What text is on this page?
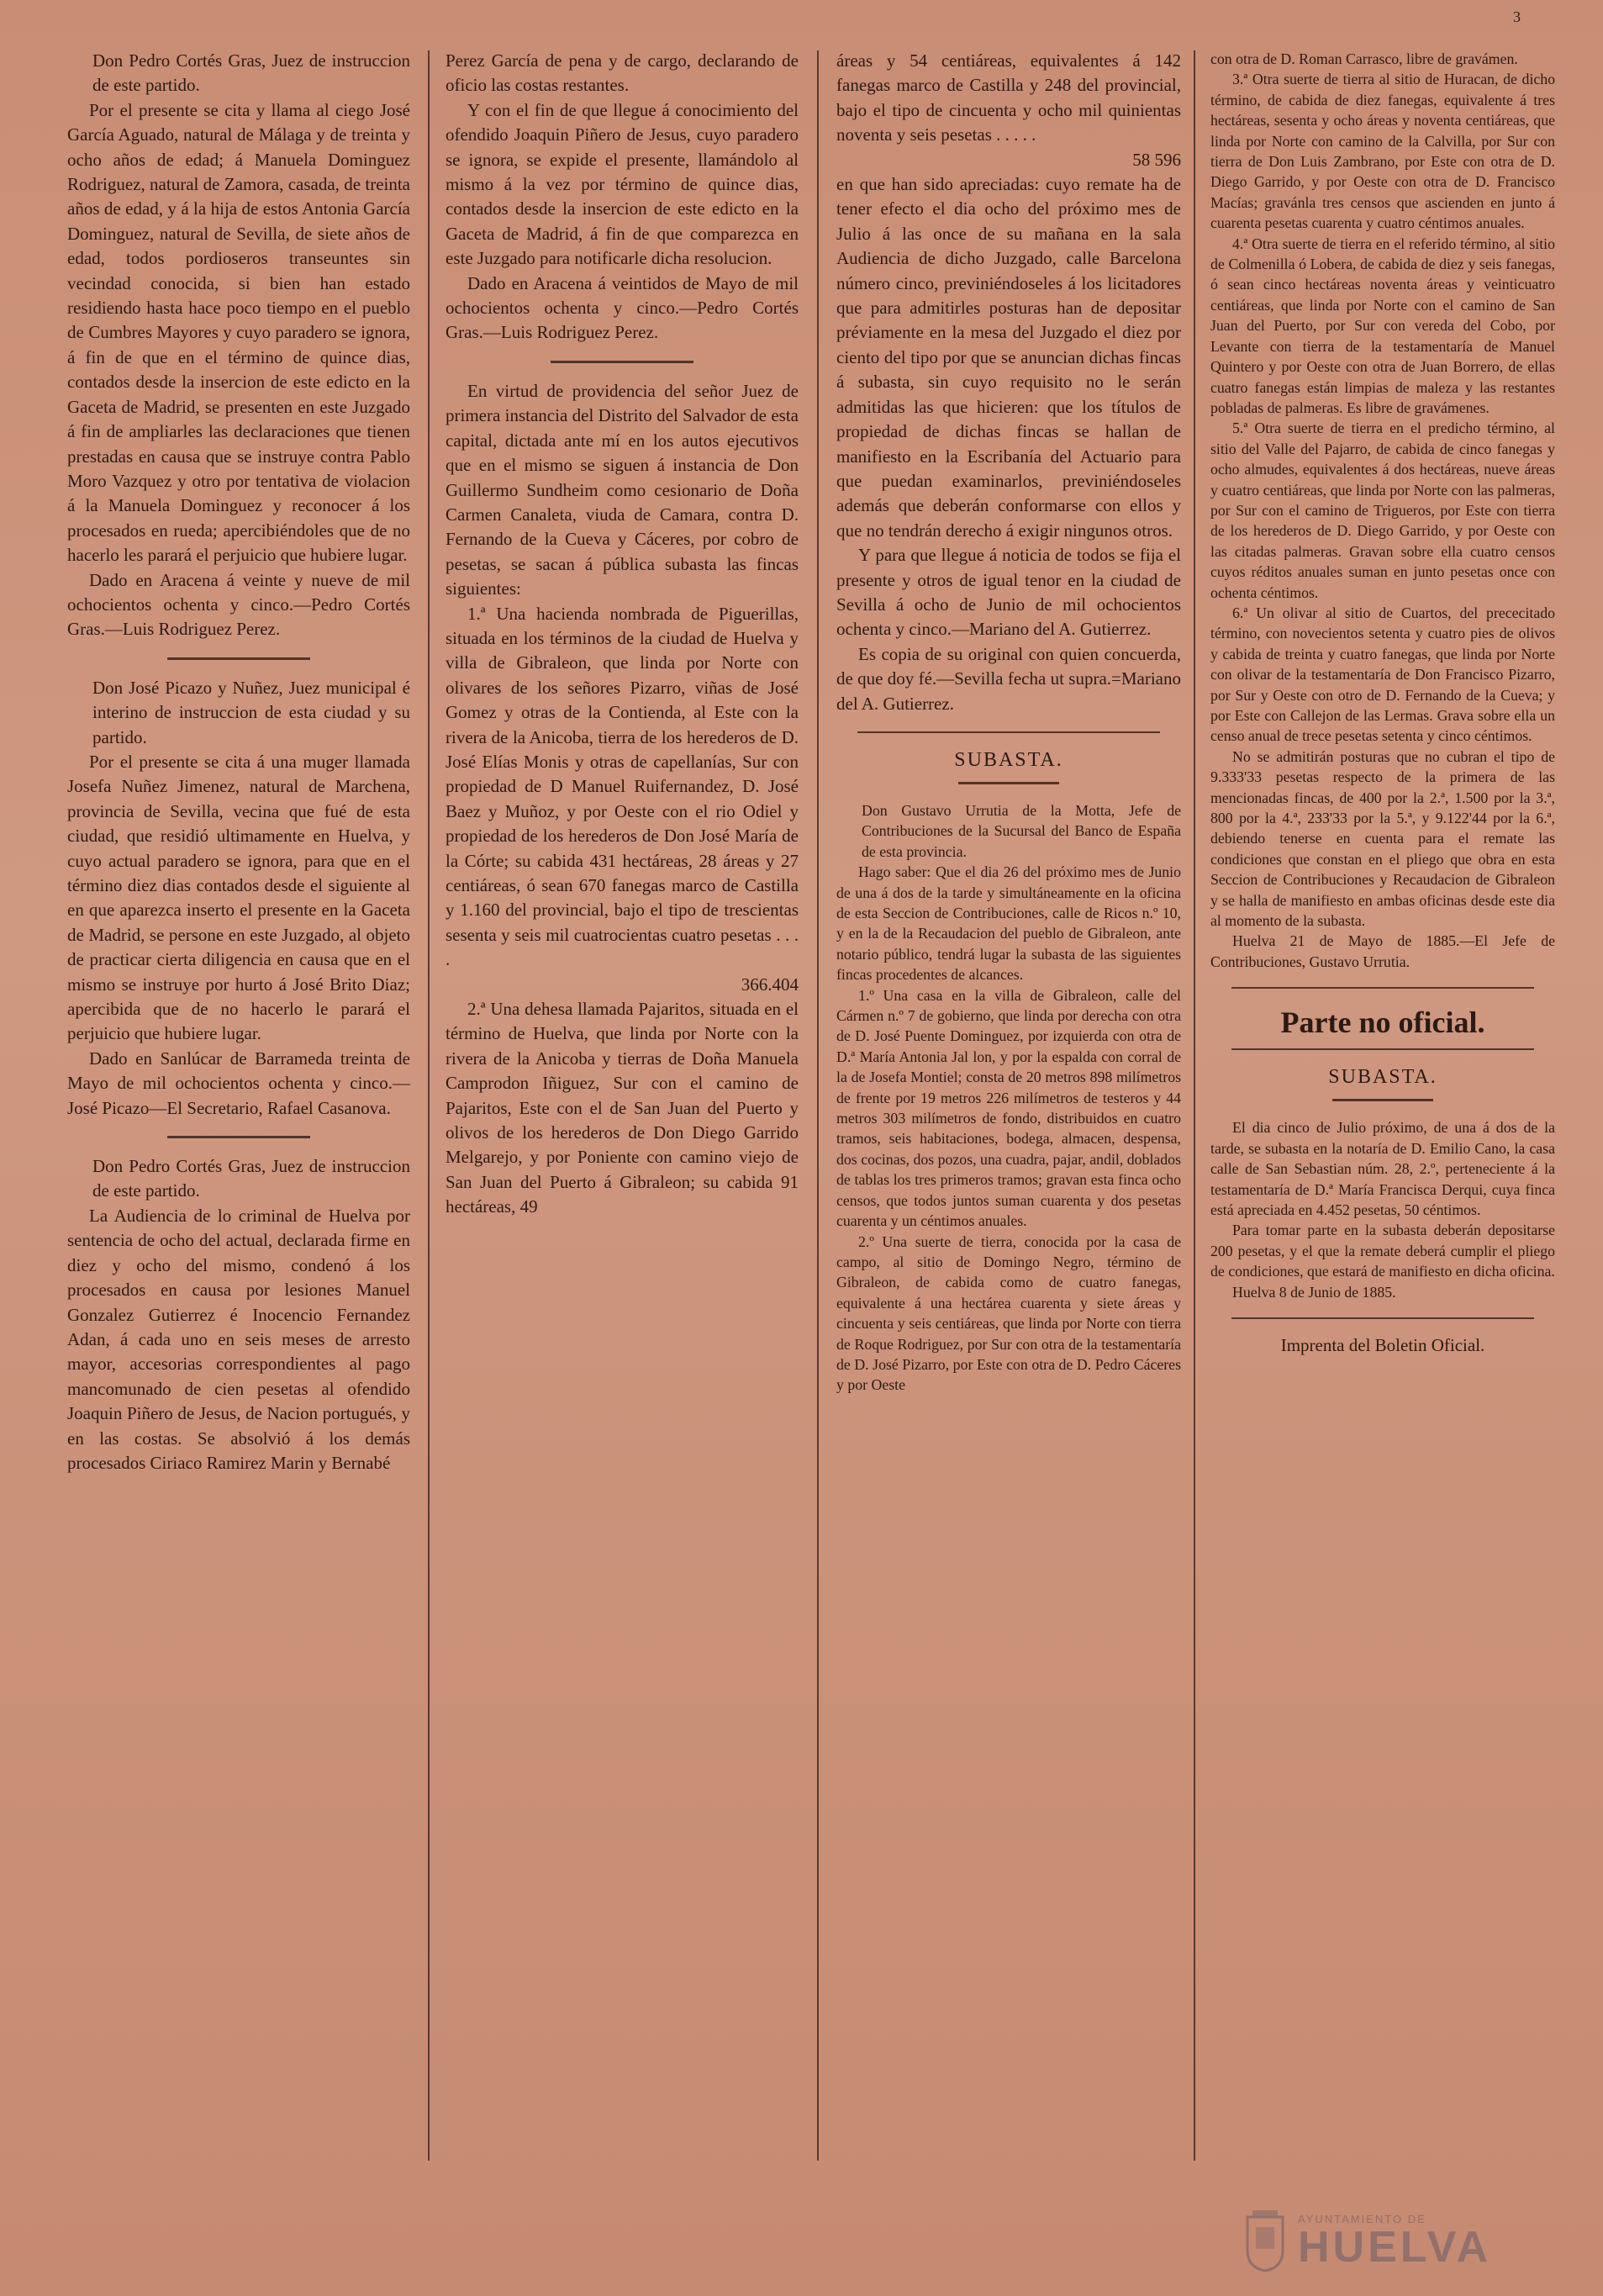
3

Don Pedro Cortés Gras, Juez de instruccion de este partido.

Por el presente se cita y llama al ciego José García Aguado, natural de Málaga y de treinta y ocho años de edad; á Manuela Dominguez Rodriguez, natural de Zamora, casada, de treinta años de edad, y á la hija de estos Antonia García Dominguez, natural de Sevilla, de siete años de edad, todos pordioseros transeuntes sin vecindad conocida, si bien han estado residiendo hasta hace poco tiempo en el pueblo de Cumbres Mayores y cuyo paradero se ignora, á fin de que en el término de quince dias, contados desde la insercion de este edicto en la Gaceta de Madrid, se presenten en este Juzgado á fin de ampliarles las declaraciones que tienen prestadas en causa que se instruye contra Pablo Moro Vazquez y otro por tentativa de violacion á la Manuela Dominguez y reconocer á los procesados en rueda; apercibiéndoles que de no hacerlo les parará el perjuicio que hubiere lugar.

Dado en Aracena á veinte y nueve de mil ochocientos ochenta y cinco.—Pedro Cortés Gras.—Luis Rodriguez Perez.

Don José Picazo y Nuñez, Juez municipal é interino de instruccion de esta ciudad y su partido.

Por el presente se cita á una muger llamada Josefa Nuñez Jimenez, natural de Marchena, provincia de Sevilla, vecina que fué de esta ciudad, que residió ultimamente en Huelva, y cuyo actual paradero se ignora, para que en el término diez dias contados desde el siguiente al en que aparezca inserto el presente en la Gaceta de Madrid, se persone en este Juzgado, al objeto de practicar cierta diligencia en causa que en el mismo se instruye por hurto á José Brito Diaz; apercibida que de no hacerlo le parará el perjuicio que hubiere lugar.

Dado en Sanlúcar de Barrameda treinta de Mayo de mil ochocientos ochenta y cinco.—José Picazo—El Secretario, Rafael Casanova.

Don Pedro Cortés Gras, Juez de instruccion de este partido.

La Audiencia de lo criminal de Huelva por sentencia de ocho del actual, declarada firme en diez y ocho del mismo, condenó á los procesados en causa por lesiones Manuel Gonzalez Gutierrez é Inocencio Fernandez Adan, á cada uno en seis meses de arresto mayor, accesorias correspondientes al pago mancomunado de cien pesetas al ofendido Joaquin Piñero de Jesus, de Nacion portugués, y en las costas. Se absolvió á los demás procesados Ciriaco Ramirez Marin y Bernabé

Perez García de pena y de cargo, declarando de oficio las costas restantes.

Y con el fin de que llegue á conocimiento del ofendido Joaquin Piñero de Jesus, cuyo paradero se ignora, se expide el presente, llamándolo al mismo á la vez por término de quince dias, contados desde la insercion de este edicto en la Gaceta de Madrid, á fin de que comparezca en este Juzgado para notificarle dicha resolucion.

Dado en Aracena á veintidos de Mayo de mil ochocientos ochenta y cinco.—Pedro Cortés Gras.—Luis Rodriguez Perez.

En virtud de providencia del señor Juez de primera instancia del Distrito del Salvador de esta capital, dictada ante mí en los autos ejecutivos que en el mismo se siguen á instancia de Don Guillermo Sundheim como cesionario de Doña Carmen Canaleta, viuda de Camara, contra D. Fernando de la Cueva y Cáceres, por cobro de pesetas, se sacan á pública subasta las fincas siguientes:

1.ª Una hacienda nombrada de Piguerillas, situada en los términos de la ciudad de Huelva y villa de Gibraleon, que linda por Norte con olivares de los señores Pizarro, viñas de José Gomez y otras de la Contienda, al Este con la rivera de la Anicoba, tierra de los herederos de D. José Elías Monis y otras de capellanías, Sur con propiedad de D Manuel Ruifernandez, D. José Baez y Muñoz, y por Oeste con el rio Odiel y propiedad de los herederos de Don José María de la Córte; su cabida 431 hectáreas, 28 áreas y 27 centiáreas, ó sean 670 fanegas marco de Castilla y 1.160 del provincial, bajo el tipo de trescientas sesenta y seis mil cuatrocientas cuatro pesetas . . . .

366.404

2.ª Una dehesa llamada Pajaritos, situada en el término de Huelva, que linda por Norte con la rivera de la Anicoba y tierras de Doña Manuela Camprodon Iñiguez, Sur con el camino de Pajaritos, Este con el de San Juan del Puerto y olivos de los herederos de Don Diego Garrido Melgarejo, y por Poniente con camino viejo de San Juan del Puerto á Gibraleon; su cabida 91 hectáreas, 49

áreas y 54 centiáreas, equivalentes á 142 fanegas marco de Castilla y 248 del provincial, bajo el tipo de cincuenta y ocho mil quinientas noventa y seis pesetas . . . . .

58 596

en que han sido apreciadas: cuyo remate ha de tener efecto el dia ocho del próximo mes de Julio á las once de su mañana en la sala Audiencia de dicho Juzgado, calle Barcelona número cinco, previniéndoseles á los licitadores que para admitirles posturas han de depositar préviamente en la mesa del Juzgado el diez por ciento del tipo por que se anuncian dichas fincas á subasta, sin cuyo requisito no le serán admitidas las que hicieren: que los títulos de propiedad de dichas fincas se hallan de manifiesto en la Escribanía del Actuario para que puedan examinarlos, previniéndoseles además que deberán conformarse con ellos y que no tendrán derecho á exigir ningunos otros.

Y para que llegue á noticia de todos se fija el presente y otros de igual tenor en la ciudad de Sevilla á ocho de Junio de mil ochocientos ochenta y cinco.—Mariano del A. Gutierrez.

Es copia de su original con quien concuerda, de que doy fé.—Sevilla fecha ut supra.=Mariano del A. Gutierrez.

SUBASTA.

Don Gustavo Urrutia de la Motta, Jefe de Contribuciones de la Sucursal del Banco de España de esta provincia.

Hago saber: Que el dia 26 del próximo mes de Junio de una á dos de la tarde y simultáneamente en la oficina de esta Seccion de Contribuciones, calle de Ricos n.º 10, y en la de la Recaudacion del pueblo de Gibraleon, ante notario público, tendrá lugar la subasta de las siguientes fincas procedentes de alcances.

1.º Una casa en la villa de Gibraleon, calle del Cármen n.º 7 de gobierno, que linda por derecha con otra de D. José Puente Dominguez, por izquierda con otra de D.ª María Antonia Jal lon, y por la espalda con corral de la de Josefa Montiel; consta de 20 metros 898 milímetros de frente por 19 metros 226 milímetros de testeros y 44 metros 303 milímetros de fondo, distribuidos en cuatro tramos, seis habitaciones, bodega, almacen, despensa, dos cocinas, dos pozos, una cuadra, pajar, andil, doblados de tablas los tres primeros tramos; gravan esta finca ocho censos, que todos juntos suman cuarenta y dos pesetas cuarenta y un céntimos anuales.

2.º Una suerte de tierra, conocida por la casa de campo, al sitio de Domingo Negro, término de Gibraleon, de cabida como de cuatro fanegas, equivalente á una hectárea cuarenta y siete áreas y cincuenta y seis centiáreas, que linda por Norte con tierra de Roque Rodriguez, por Sur con otra de la testamentaría de D. José Pizarro, por Este con otra de D. Pedro Cáceres y por Oeste

con otra de D. Roman Carrasco, libre de gravámen.

3.ª Otra suerte de tierra al sitio de Huracan, de dicho término, de cabida de diez fanegas, equivalente á tres hectáreas, sesenta y ocho áreas y noventa centiáreas, que linda por Norte con camino de la Calvilla, por Sur con tierra de Don Luis Zambrano, por Este con otra de D. Diego Garrido, y por Oeste con otra de D. Francisco Macías; gravánla tres censos que ascienden en junto á cuarenta pesetas cuarenta y cuatro céntimos anuales.

4.ª Otra suerte de tierra en el referido término, al sitio de Colmenilla ó Lobera, de cabida de diez y seis fanegas, ó sean cinco hectáreas noventa áreas y veinticuatro centiáreas, que linda por Norte con el camino de San Juan del Puerto, por Sur con vereda del Cobo, por Levante con tierra de la testamentaría de Manuel Quintero y por Oeste con otra de Juan Borrero, de ellas cuatro fanegas están limpias de maleza y las restantes pobladas de palmeras. Es libre de gravámenes.

5.ª Otra suerte de tierra en el predicho término, al sitio del Valle del Pajarro, de cabida de cinco fanegas y ocho almudes, equivalentes á dos hectáreas, nueve áreas y cuatro centiáreas, que linda por Norte con las palmeras, por Sur con el camino de Trigueros, por Este con tierra de los herederos de D. Diego Garrido, y por Oeste con las citadas palmeras. Gravan sobre ella cuatro censos cuyos réditos anuales suman en junto pesetas once con ochenta céntimos.

6.ª Un olivar al sitio de Cuartos, del prececitado término, con novecientos setenta y cuatro pies de olivos y cabida de treinta y cuatro fanegas, que linda por Norte con olivar de la testamentaría de Don Francisco Pizarro, por Sur y Oeste con otro de D. Fernando de la Cueva; y por Este con Callejon de las Lermas. Grava sobre ella un censo anual de trece pesetas setenta y cinco céntimos.

No se admitirán posturas que no cubran el tipo de 9.333'33 pesetas respecto de la primera de las mencionadas fincas, de 400 por la 2.ª, 1.500 por la 3.ª, 800 por la 4.ª, 233'33 por la 5.ª, y 9.122'44 por la 6.ª, debiendo tenerse en cuenta para el remate las condiciones que constan en el pliego que obra en esta Seccion de Contribuciones y Recaudacion de Gibraleon y se halla de manifiesto en ambas oficinas desde este dia al momento de la subasta.

Huelva 21 de Mayo de 1885.—El Jefe de Contribuciones, Gustavo Urrutia.

Parte no oficial.
SUBASTA.

El dia cinco de Julio próximo, de una á dos de la tarde, se subasta en la notaría de D. Emilio Cano, la casa calle de San Sebastian núm. 28, 2.º, perteneciente á la testamentaría de D.ª María Francisca Derqui, cuya finca está apreciada en 4.452 pesetas, 50 céntimos.

Para tomar parte en la subasta deberán depositarse 200 pesetas, y el que la remate deberá cumplir el pliego de condiciones, que estará de manifiesto en dicha oficina.

Huelva 8 de Junio de 1885.

Imprenta del Boletin Oficial.
AYUNTAMIENTO DE
HUELVA
